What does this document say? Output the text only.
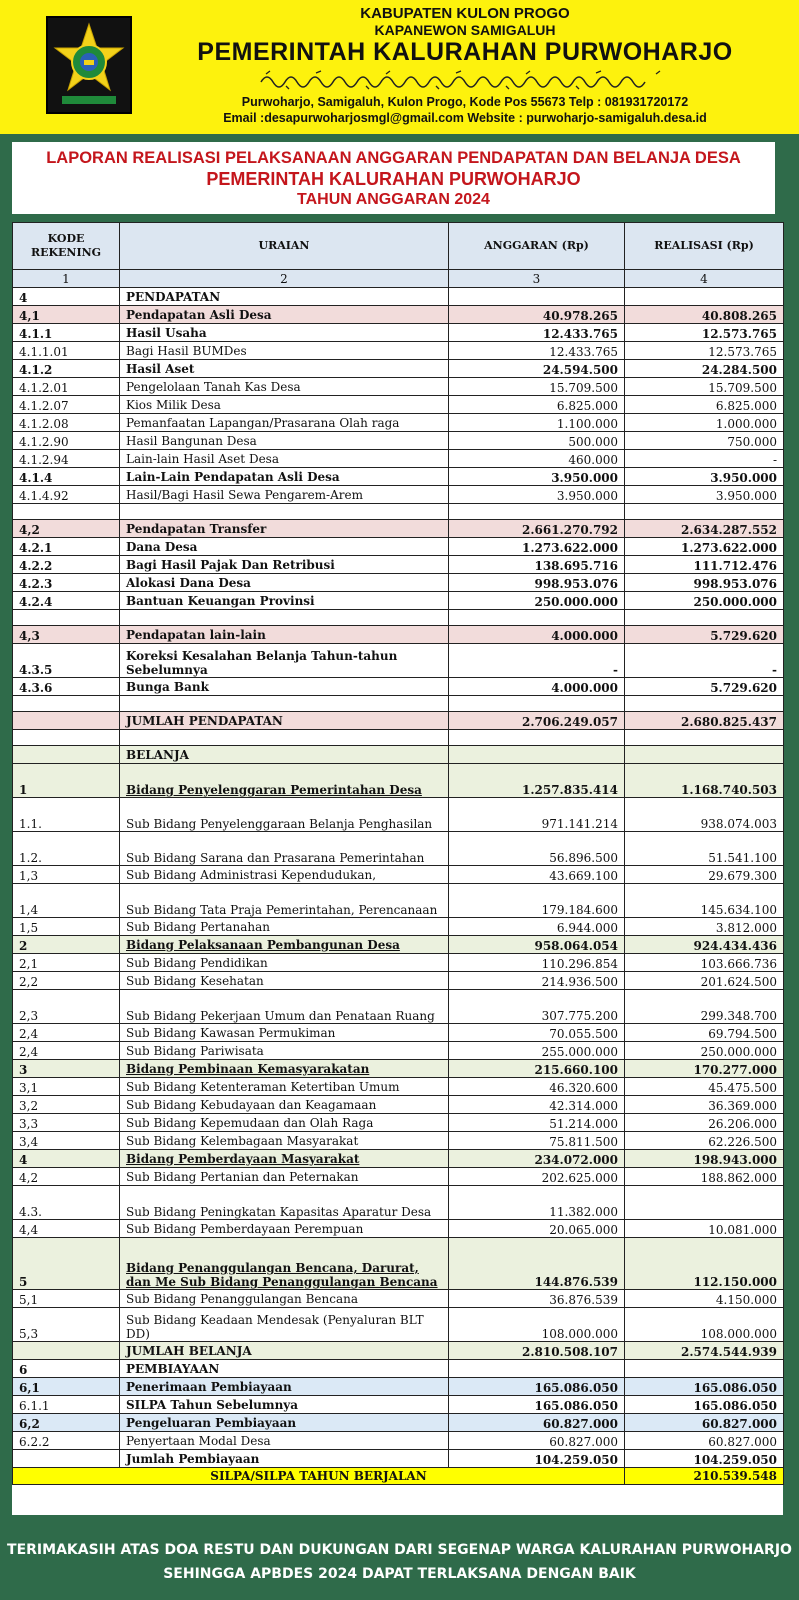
KABUPATEN KULON PROGO
KAPANEWON SAMIGALUH
PEMERINTAH KALURAHAN PURWOHARJO
Purwoharjo, Samigaluh, Kulon Progo, Kode Pos 55673 Telp : 081931720172
Email :desapurwoharjosmgl@gmail.com Website : purwoharjo-samigaluh.desa.id
LAPORAN REALISASI PELAKSANAAN ANGGARAN PENDAPATAN DAN BELANJA DESA
PEMERINTAH KALURAHAN PURWOHARJO
TAHUN ANGGARAN 2024
KODE REKENING	URAIAN	ANGGARAN (Rp)	REALISASI (Rp)
1	2	3	4
4	PENDAPATAN		
4,1	Pendapatan Asli Desa	40.978.265	40.808.265
4.1.1	Hasil Usaha	12.433.765	12.573.765
4.1.1.01	Bagi Hasil BUMDes	12.433.765	12.573.765
4.1.2	Hasil Aset	24.594.500	24.284.500
4.1.2.01	Pengelolaan Tanah Kas Desa	15.709.500	15.709.500
4.1.2.07	Kios Milik Desa	6.825.000	6.825.000
4.1.2.08	Pemanfaatan Lapangan/Prasarana Olah raga	1.100.000	1.000.000
4.1.2.90	Hasil Bangunan Desa	500.000	750.000
4.1.2.94	Lain-lain Hasil Aset Desa	460.000	-
4.1.4	Lain-Lain Pendapatan Asli Desa	3.950.000	3.950.000
4.1.4.92	Hasil/Bagi Hasil Sewa Pengarem-Arem	3.950.000	3.950.000

4,2	Pendapatan Transfer	2.661.270.792	2.634.287.552
4.2.1	Dana Desa	1.273.622.000	1.273.622.000
4.2.2	Bagi Hasil Pajak Dan Retribusi	138.695.716	111.712.476
4.2.3	Alokasi Dana Desa	998.953.076	998.953.076
4.2.4	Bantuan Keuangan Provinsi	250.000.000	250.000.000

4,3	Pendapatan lain-lain	4.000.000	5.729.620
4.3.5	Koreksi Kesalahan Belanja Tahun-tahun Sebelumnya	-	-
4.3.6	Bunga Bank	4.000.000	5.729.620

	JUMLAH PENDAPATAN	2.706.249.057	2.680.825.437

	BELANJA		
1	Bidang Penyelenggaran Pemerintahan Desa	1.257.835.414	1.168.740.503
1.1.	Sub Bidang Penyelenggaraan Belanja Penghasilan	971.141.214	938.074.003
1.2.	Sub Bidang Sarana dan Prasarana Pemerintahan	56.896.500	51.541.100
1,3	Sub Bidang Administrasi Kependudukan,	43.669.100	29.679.300
1,4	Sub Bidang Tata Praja Pemerintahan, Perencanaan	179.184.600	145.634.100
1,5	Sub Bidang Pertanahan	6.944.000	3.812.000
2	Bidang Pelaksanaan Pembangunan Desa	958.064.054	924.434.436
2,1	Sub Bidang Pendidikan	110.296.854	103.666.736
2,2	Sub Bidang Kesehatan	214.936.500	201.624.500
2,3	Sub Bidang Pekerjaan Umum dan Penataan Ruang	307.775.200	299.348.700
2,4	Sub Bidang Kawasan Permukiman	70.055.500	69.794.500
2,4	Sub Bidang Pariwisata	255.000.000	250.000.000
3	Bidang Pembinaan Kemasyarakatan	215.660.100	170.277.000
3,1	Sub Bidang Ketenteraman Ketertiban Umum	46.320.600	45.475.500
3,2	Sub Bidang Kebudayaan dan Keagamaan	42.314.000	36.369.000
3,3	Sub Bidang Kepemudaan dan Olah Raga	51.214.000	26.206.000
3,4	Sub Bidang Kelembagaan Masyarakat	75.811.500	62.226.500
4	Bidang Pemberdayaan Masyarakat	234.072.000	198.943.000
4,2	Sub Bidang Pertanian dan Peternakan	202.625.000	188.862.000
4.3.	Sub Bidang Peningkatan Kapasitas Aparatur Desa	11.382.000	
4,4	Sub Bidang Pemberdayaan Perempuan	20.065.000	10.081.000
5	Bidang Penanggulangan Bencana, Darurat, dan Me Sub Bidang Penanggulangan Bencana	144.876.539	112.150.000
5,1	Sub Bidang Penanggulangan Bencana	36.876.539	4.150.000
5,3	Sub Bidang Keadaan Mendesak (Penyaluran BLT DD)	108.000.000	108.000.000
	JUMLAH BELANJA	2.810.508.107	2.574.544.939
6	PEMBIAYAAN		
6,1	Penerimaan Pembiayaan	165.086.050	165.086.050
6.1.1	SILPA Tahun Sebelumnya	165.086.050	165.086.050
6,2	Pengeluaran Pembiayaan	60.827.000	60.827.000
6.2.2	Penyertaan Modal Desa	60.827.000	60.827.000
	Jumlah Pembiayaan	104.259.050	104.259.050
SILPA/SILPA TAHUN BERJALAN			210.539.548
TERIMAKASIH ATAS DOA RESTU DAN DUKUNGAN DARI SEGENAP WARGA KALURAHAN PURWOHARJO
SEHINGGA APBDES 2024 DAPAT TERLAKSANA DENGAN BAIK
